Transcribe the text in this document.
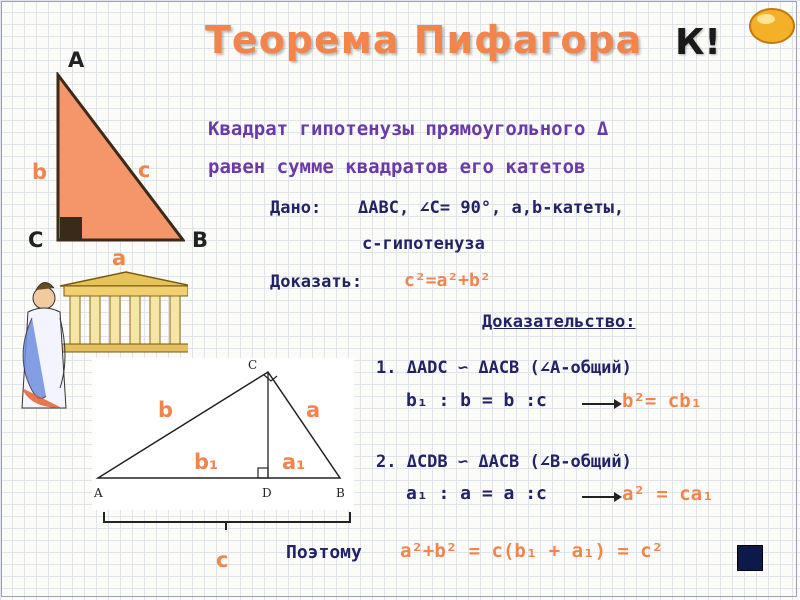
Теорема Пифагора К!
A
C	B
b	c
a
Квадрат гипотенузы прямоугольного Δ
равен сумме квадратов его катетов
Дано: ΔАВС, ∠С= 90°, а,b-катеты,
с-гипотенуза
Доказать: c²=a²+b²
Доказательство:
C
A	D	B
b	a
b₁	a₁
c
1. ΔADC ∽ ΔACB (∠A-общий)
b₁ : b = b :c	b²= cb₁
2. ΔCDB ∽ ΔACB (∠B-общий)
a₁ : a = a :c	a² = ca₁
Поэтому a²+b² = c(b₁ + a₁) = c²
